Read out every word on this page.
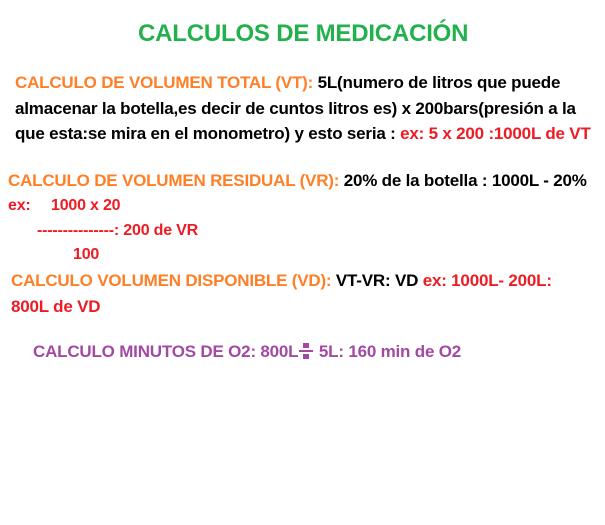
CALCULOS DE MEDICACIÓN
CALCULO DE VOLUMEN TOTAL (VT): 5L(numero de litros que puede
almacenar la botella,es decir de cuntos litros es) x 200bars(presión a la
que esta:se mira en el monometro) y esto seria : ex: 5 x 200 :1000L de VT
CALCULO DE VOLUMEN RESIDUAL (VR): 20% de la botella : 1000L - 20%
ex: 1000 x 20
---------------: 200 de VR
100
CALCULO VOLUMEN DISPONIBLE (VD): VT-VR: VD ex: 1000L- 200L:
800L de VD
CALCULO MINUTOS DE O2: 800L
5L: 160 min de O2
